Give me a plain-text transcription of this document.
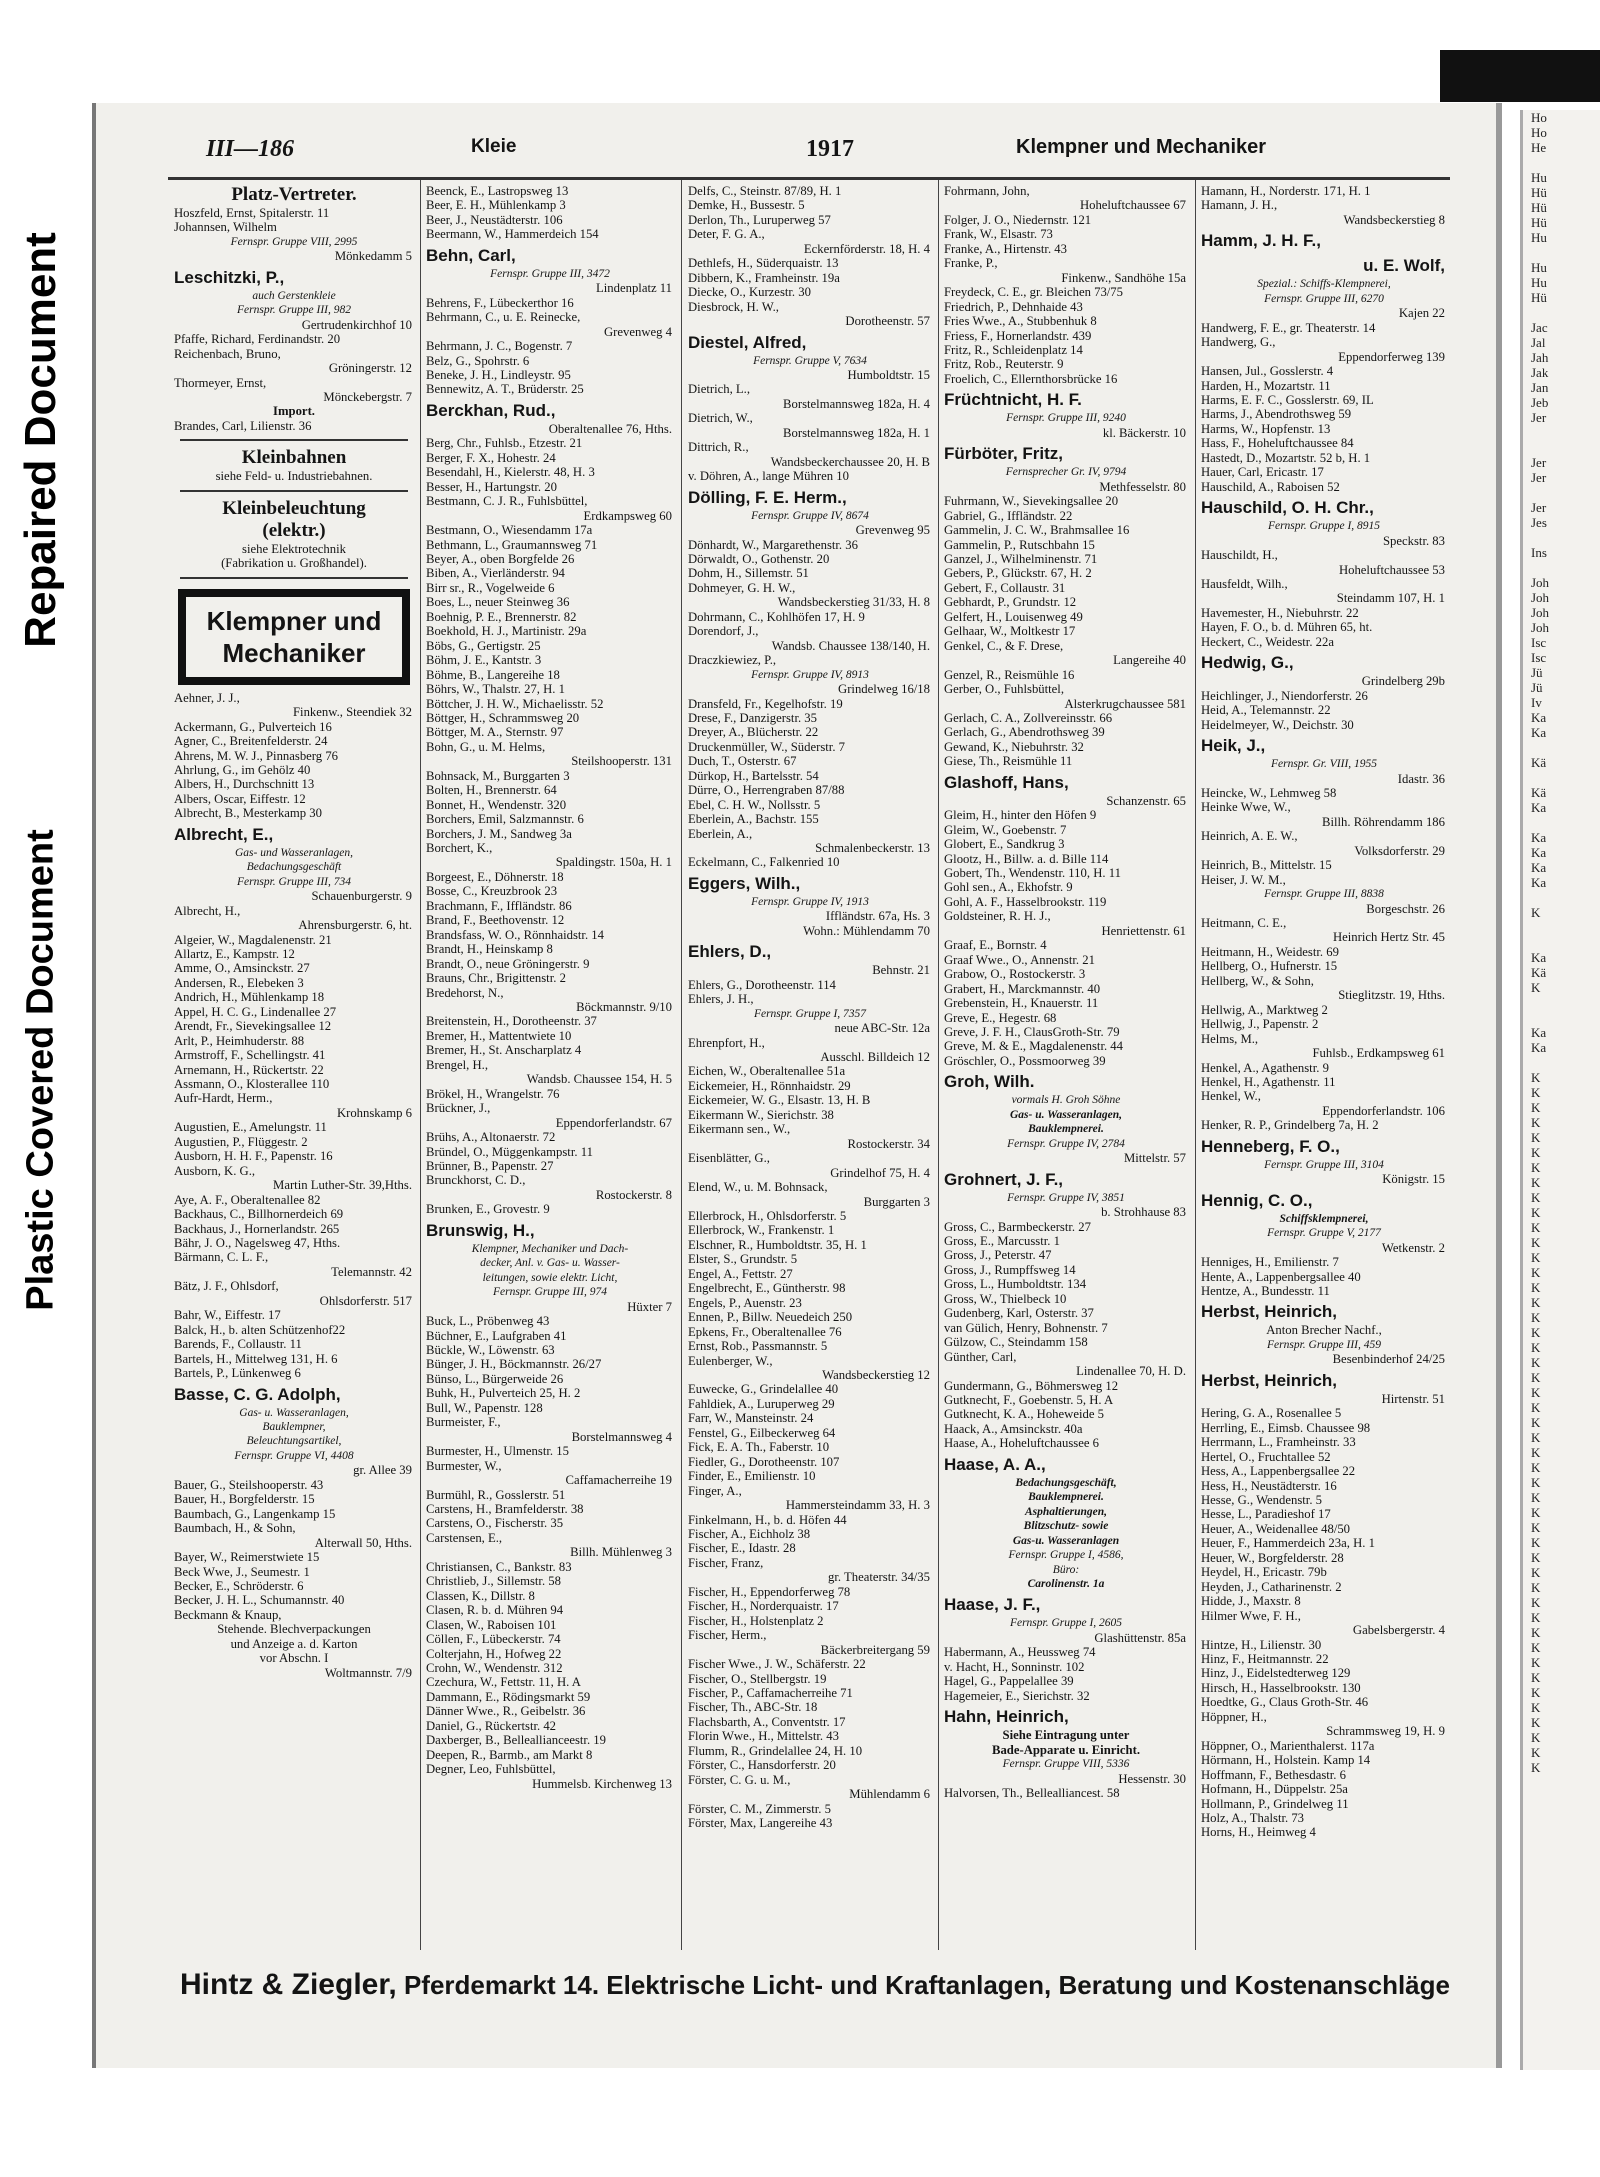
Repaired Document
Plastic Covered Document
Ho
Ho
He
Hu
Hü
Hü
Hü
Hu
Hu
Hu
Hü
Jac
Jal
Jah
Jak
Jan
Jeb
Jer
Jer
Jer
Jer
Jes
Ins
Joh
Joh
Joh
Joh
Isc
Isc
Jü
Jü
Iv
Ka
Ka
Kä
Kä
Ka
Ka
Ka
Ka
Ka
K
Ka
Kä
K
Ka
Ka
K
K
K
K
K
K
K
K
K
K
K
K
K
K
K
K
K
K
K
K
K
K
K
K
K
K
K
K
K
K
K
K
K
K
K
K
K
K
K
K
K
K
K
K
K
K
K
III—186	Kleie	1917	Klempner und Mechaniker
Platz-Vertreter.
Hoszfeld, Ernst, Spitalerstr. 11
Johannsen, Wilhelm
Fernspr. Gruppe VIII, 2995
Mönkedamm 5
Leschitzki, P.,
auch Gerstenkleie
Fernspr. Gruppe III, 982
Gertrudenkirchhof 10
Pfaffe, Richard, Ferdinandstr. 20
Reichenbach, Bruno,
Gröningerstr. 12
Thormeyer, Ernst,
Mönckebergstr. 7
Import.
Brandes, Carl, Lilienstr. 36
Kleinbahnen
siehe Feld- u. Industriebahnen.
Kleinbeleuchtung
(elektr.)
siehe Elektrotechnik
(Fabrikation u. Großhandel).
Klempner und
Mechaniker
Aehner, J. J.,
Finkenw., Steendiek 32
Ackermann, G., Pulverteich 16
Agner, C., Breitenfelderstr. 24
Ahrens, M. W. J., Pinnasberg 76
Ahrlung, G., im Gehölz 40
Albers, H., Durchschnitt 13
Albers, Oscar, Eiffestr. 12
Albrecht, B., Mesterkamp 30
Albrecht, E.,
Gas- und Wasseranlagen,
Bedachungsgeschäft
Fernspr. Gruppe III, 734
Schauenburgerstr. 9
Albrecht, H.,
Ahrensburgerstr. 6, ht.
Algeier, W., Magdalenenstr. 21
Allartz, E., Kampstr. 12
Amme, O., Amsinckstr. 27
Andersen, R., Elebeken 3
Andrich, H., Mühlenkamp 18
Appel, H. C. G., Lindenallee 27
Arendt, Fr., Sievekingsallee 12
Arlt, P., Heimhuderstr. 88
Armstroff, F., Schellingstr. 41
Arnemann, H., Rückertstr. 22
Assmann, O., Klosterallee 110
Aufr-Hardt, Herm.,
Krohnskamp 6
Augustien, E., Amelungstr. 11
Augustien, P., Flüggestr. 2
Ausborn, H. H. F., Papenstr. 16
Ausborn, K. G.,
Martin Luther-Str. 39,Hths.
Aye, A. F., Oberaltenallee 82
Backhaus, C., Billhornerdeich 69
Backhaus, J., Hornerlandstr. 265
Bähr, J. O., Nagelsweg 47, Hths.
Bärmann, C. L. F.,
Telemannstr. 42
Bätz, J. F., Ohlsdorf,
Ohlsdorferstr. 517
Bahr, W., Eiffestr. 17
Balck, H., b. alten Schützenhof22
Barends, F., Collaustr. 11
Bartels, H., Mittelweg 131, H. 6
Bartels, P., Lünkenweg 6
Basse, C. G. Adolph,
Gas- u. Wasseranlagen,
Bauklempner,
Beleuchtungsartikel,
Fernspr. Gruppe VI, 4408
gr. Allee 39
Bauer, G., Steilshooperstr. 43
Bauer, H., Borgfelderstr. 15
Baumbach, G., Langenkamp 15
Baumbach, H., & Sohn,
Alterwall 50, Hths.
Bayer, W., Reimerstwiete 15
Beck Wwe, J., Seumestr. 1
Becker, E., Schröderstr. 6
Becker, J. H. L., Schumannstr. 40
Beckmann & Knaup,
Stehende. Blechverpackungen
und Anzeige a. d. Karton
vor Abschn. I
Woltmannstr. 7/9
Beenck, E., Lastropsweg 13
Beer, E. H., Mühlenkamp 3
Beer, J., Neustädterstr. 106
Beermann, W., Hammerdeich 154
Behn, Carl,
Fernspr. Gruppe III, 3472
Lindenplatz 11
Behrens, F., Lübeckerthor 16
Behrmann, C., u. E. Reinecke,
Grevenweg 4
Behrmann, J. C., Bogenstr. 7
Belz, G., Spohrstr. 6
Beneke, J. H., Lindleystr. 95
Bennewitz, A. T., Brüderstr. 25
Berckhan, Rud.,
Oberaltenallee 76, Hths.
Berg, Chr., Fuhlsb., Etzestr. 21
Berger, F. X., Hohestr. 24
Besendahl, H., Kielerstr. 48, H. 3
Besser, H., Hartungstr. 20
Bestmann, C. J. R., Fuhlsbüttel,
Erdkampsweg 60
Bestmann, O., Wiesendamm 17a
Bethmann, L., Graumannsweg 71
Beyer, A., oben Borgfelde 26
Biben, A., Vierländerstr. 94
Birr sr., R., Vogelweide 6
Boes, L., neuer Steinweg 36
Boehnig, P. E., Brennerstr. 82
Boekhold, H. J., Martinistr. 29a
Böbs, G., Gertigstr. 25
Böhm, J. E., Kantstr. 3
Böhme, B., Langereihe 18
Böhrs, W., Thalstr. 27, H. 1
Böttcher, J. H. W., Michaelisstr. 52
Böttger, H., Schrammsweg 20
Böttger, M. A., Sternstr. 97
Bohn, G., u. M. Helms,
Steilshooperstr. 131
Bohnsack, M., Burggarten 3
Bolten, H., Brennerstr. 64
Bonnet, H., Wendenstr. 320
Borchers, Emil, Salzmannstr. 6
Borchers, J. M., Sandweg 3a
Borchert, K.,
Spaldingstr. 150a, H. 1
Borgeest, E., Döhnerstr. 18
Bosse, C., Kreuzbrook 23
Brachmann, F., Iffländstr. 86
Brand, F., Beethovenstr. 12
Brandsfass, W. O., Rönnhaidstr. 14
Brandt, H., Heinskamp 8
Brandt, O., neue Gröningerstr. 9
Brauns, Chr., Brigittenstr. 2
Bredehorst, N.,
Böckmannstr. 9/10
Breitenstein, H., Dorotheenstr. 37
Bremer, H., Mattentwiete 10
Bremer, H., St. Anscharplatz 4
Brengel, H.,
Wandsb. Chaussee 154, H. 5
Brökel, H., Wrangelstr. 76
Brückner, J.,
Eppendorferlandstr. 67
Brühs, A., Altonaerstr. 72
Bründel, O., Müggenkampstr. 11
Brünner, B., Papenstr. 27
Brunckhorst, C. D.,
Rostockerstr. 8
Brunken, E., Grovestr. 9
Brunswig, H.,
Klempner, Mechaniker und Dach-
decker, Anl. v. Gas- u. Wasser-
leitungen, sowie elektr. Licht,
Fernspr. Gruppe III, 974
Hüxter 7
Buck, L., Pröbenweg 43
Büchner, E., Laufgraben 41
Bückle, W., Löwenstr. 63
Bünger, J. H., Böckmannstr. 26/27
Bünso, L., Bürgerweide 26
Buhk, H., Pulverteich 25, H. 2
Bull, W., Papenstr. 128
Burmeister, F.,
Borstelmannsweg 4
Burmester, H., Ulmenstr. 15
Burmester, W.,
Caffamacherreihe 19
Burmühl, R., Gosslerstr. 51
Carstens, H., Bramfelderstr. 38
Carstens, O., Fischerstr. 35
Carstensen, E.,
Billh. Mühlenweg 3
Christiansen, C., Bankstr. 83
Christlieb, J., Sillemstr. 58
Classen, K., Dillstr. 8
Clasen, R. b. d. Mühren 94
Clasen, W., Raboisen 101
Cöllen, F., Lübeckerstr. 74
Colterjahn, H., Hofweg 22
Crohn, W., Wendenstr. 312
Czechura, W., Fettstr. 11, H. A
Dammann, E., Rödingsmarkt 59
Dänner Wwe., R., Geibelstr. 36
Daniel, G., Rückertstr. 42
Daxberger, B., Belleallianceestr. 19
Deepen, R., Barmb., am Markt 8
Degner, Leo, Fuhlsbüttel,
Hummelsb. Kirchenweg 13
Delfs, C., Steinstr. 87/89, H. 1
Demke, H., Bussestr. 5
Derlon, Th., Luruperweg 57
Deter, F. G. A.,
Eckernförderstr. 18, H. 4
Dethlefs, H., Süderquaistr. 13
Dibbern, K., Framheinstr. 19a
Diecke, O., Kurzestr. 30
Diesbrock, H. W.,
Dorotheenstr. 57
Diestel, Alfred,
Fernspr. Gruppe V, 7634
Humboldtstr. 15
Dietrich, L.,
Borstelmannsweg 182a, H. 4
Dietrich, W.,
Borstelmannsweg 182a, H. 1
Dittrich, R.,
Wandsbeckerchaussee 20, H. B
v. Döhren, A., lange Mühren 10
Dölling, F. E. Herm.,
Fernspr. Gruppe IV, 8674
Grevenweg 95
Dönhardt, W., Margarethenstr. 36
Dörwaldt, O., Gothenstr. 20
Dohm, H., Sillemstr. 51
Dohmeyer, G. H. W.,
Wandsbeckerstieg 31/33, H. 8
Dohrmann, C., Kohlhöfen 17, H. 9
Dorendorf, J.,
Wandsb. Chaussee 138/140, H.
Draczkiewiez, P.,
Fernspr. Gruppe IV, 8913
Grindelweg 16/18
Dransfeld, Fr., Kegelhofstr. 19
Drese, F., Danzigerstr. 35
Dreyer, A., Blücherstr. 22
Druckenmüller, W., Süderstr. 7
Duch, T., Osterstr. 67
Dürkop, H., Bartelsstr. 54
Dürre, O., Herrengraben 87/88
Ebel, C. H. W., Nollsstr. 5
Eberlein, A., Bachstr. 155
Eberlein, A.,
Schmalenbeckerstr. 13
Eckelmann, C., Falkenried 10
Eggers, Wilh.,
Fernspr. Gruppe IV, 1913
Iffländstr. 67a, Hs. 3
Wohn.: Mühlendamm 70
Ehlers, D.,
Behnstr. 21
Ehlers, G., Dorotheenstr. 114
Ehlers, J. H.,
Fernspr. Gruppe I, 7357
neue ABC-Str. 12a
Ehrenpfort, H.,
Ausschl. Billdeich 12
Eichen, W., Oberaltenallee 51a
Eickemeier, H., Rönnhaidstr. 29
Eickemeier, W. G., Elsastr. 13, H. B
Eikermann W., Sierichstr. 38
Eikermann sen., W.,
Rostockerstr. 34
Eisenblätter, G.,
Grindelhof 75, H. 4
Elend, W., u. M. Bohnsack,
Burggarten 3
Ellerbrock, H., Ohlsdorferstr. 5
Ellerbrock, W., Frankenstr. 1
Elschner, R., Humboldtstr. 35, H. 1
Elster, S., Grundstr. 5
Engel, A., Fettstr. 27
Engelbrecht, E., Güntherstr. 98
Engels, P., Auenstr. 23
Ennen, P., Billw. Neuedeich 250
Epkens, Fr., Oberaltenallee 76
Ernst, Rob., Passmannstr. 5
Eulenberger, W.,
Wandsbeckerstieg 12
Euwecke, G., Grindelallee 40
Fahldiek, A., Luruperweg 29
Farr, W., Mansteinstr. 24
Fenstel, G., Eilbeckerweg 64
Fick, E. A. Th., Faberstr. 10
Fiedler, G., Dorotheenstr. 107
Finder, E., Emilienstr. 10
Finger, A.,
Hammersteindamm 33, H. 3
Finkelmann, H., b. d. Höfen 44
Fischer, A., Eichholz 38
Fischer, E., Idastr. 28
Fischer, Franz,
gr. Theaterstr. 34/35
Fischer, H., Eppendorferweg 78
Fischer, H., Norderquaistr. 17
Fischer, H., Holstenplatz 2
Fischer, Herm.,
Bäckerbreitergang 59
Fischer Wwe., J. W., Schäferstr. 22
Fischer, O., Stellbergstr. 19
Fischer, P., Caffamacherreihe 71
Fischer, Th., ABC-Str. 18
Flachsbarth, A., Conventstr. 17
Florin Wwe., H., Mittelstr. 43
Flumm, R., Grindelallee 24, H. 10
Förster, C., Hansdorferstr. 20
Förster, C. G. u. M.,
Mühlendamm 6
Förster, C. M., Zimmerstr. 5
Förster, Max, Langereihe 43
Fohrmann, John,
Hoheluftchaussee 67
Folger, J. O., Niedernstr. 121
Frank, W., Elsastr. 73
Franke, A., Hirtenstr. 43
Franke, P.,
Finkenw., Sandhöhe 15a
Freydeck, C. E., gr. Bleichen 73/75
Friedrich, P., Dehnhaide 43
Fries Wwe., A., Stubbenhuk 8
Friess, F., Hornerlandstr. 439
Fritz, R., Schleidenplatz 14
Fritz, Rob., Reuterstr. 9
Froelich, C., Ellernthorsbrücke 16
Früchtnicht, H. F.
Fernspr. Gruppe III, 9240
kl. Bäckerstr. 10
Fürböter, Fritz,
Fernsprecher Gr. IV, 9794
Methfesselstr. 80
Fuhrmann, W., Sievekingsallee 20
Gabriel, G., Iffländstr. 22
Gammelin, J. C. W., Brahmsallee 16
Gammelin, P., Rutschbahn 15
Ganzel, J., Wilhelminenstr. 71
Gebers, P., Glückstr. 67, H. 2
Gebert, F., Collaustr. 31
Gebhardt, P., Grundstr. 12
Gelfert, H., Louisenweg 49
Gelhaar, W., Moltkestr 17
Genkel, C., & F. Drese,
Langereihe 40
Genzel, R., Reismühle 16
Gerber, O., Fuhlsbüttel,
Alsterkrugchaussee 581
Gerlach, C. A., Zollvereinsstr. 66
Gerlach, G., Abendrothsweg 39
Gewand, K., Niebuhrstr. 32
Giese, Th., Reismühle 11
Glashoff, Hans,
Schanzenstr. 65
Gleim, H., hinter den Höfen 9
Gleim, W., Goebenstr. 7
Globert, E., Sandkrug 3
Glootz, H., Billw. a. d. Bille 114
Gobert, Th., Wendenstr. 110, H. 11
Gohl sen., A., Ekhofstr. 9
Gohl, A. F., Hasselbrookstr. 119
Goldsteiner, R. H. J.,
Henriettenstr. 61
Graaf, E., Bornstr. 4
Graaf Wwe., O., Annenstr. 21
Grabow, O., Rostockerstr. 3
Grabert, H., Marckmannstr. 40
Grebenstein, H., Knauerstr. 11
Greve, E., Hegestr. 68
Greve, J. F. H., ClausGroth-Str. 79
Greve, M. & E., Magdalenenstr. 44
Gröschler, O., Possmoorweg 39
Groh, Wilh.
vormals H. Groh Söhne
Gas- u. Wasseranlagen,
Bauklempnerei.
Fernspr. Gruppe IV, 2784
Mittelstr. 57
Grohnert, J. F.,
Fernspr. Gruppe IV, 3851
b. Strohhause 83
Gross, C., Barmbeckerstr. 27
Gross, E., Marcusstr. 1
Gross, J., Peterstr. 47
Gross, J., Rumpffsweg 14
Gross, L., Humboldtstr. 134
Gross, W., Thielbeck 10
Gudenberg, Karl, Osterstr. 37
van Gülich, Henry, Bohnenstr. 7
Gülzow, C., Steindamm 158
Günther, Carl,
Lindenallee 70, H. D.
Gundermann, G., Böhmersweg 12
Gutknecht, F., Goebenstr. 5, H. A
Gutknecht, K. A., Hoheweide 5
Haack, A., Amsinckstr. 40a
Haase, A., Hoheluftchaussee 6
Haase, A. A.,
Bedachungsgeschäft,
Bauklempnerei.
Asphaltierungen,
Blitzschutz- sowie
Gas-u. Wasseranlagen
Fernspr. Gruppe I, 4586,
Büro:
Carolinenstr. 1a
Haase, J. F.,
Fernspr. Gruppe I, 2605
Glashüttenstr. 85a
Habermann, A., Heussweg 74
v. Hacht, H., Sonninstr. 102
Hagel, G., Pappelallee 39
Hagemeier, E., Sierichstr. 32
Hahn, Heinrich,
Siehe Eintragung unter
Bade-Apparate u. Einricht.
Fernspr. Gruppe VIII, 5336
Hessenstr. 30
Halvorsen, Th., Bellealliancest. 58
Hamann, H., Norderstr. 171, H. 1
Hamann, J. H.,
Wandsbeckerstieg 8
Hamm, J. H. F.,
u. E. Wolf,
Spezial.: Schiffs-Klempnerei,
Fernspr. Gruppe III, 6270
Kajen 22
Handwerg, F. E., gr. Theaterstr. 14
Handwerg, G.,
Eppendorferweg 139
Hansen, Jul., Gosslerstr. 4
Harden, H., Mozartstr. 11
Harms, E. F. C., Gosslerstr. 69, IL
Harms, J., Abendrothsweg 59
Harms, W., Hopfenstr. 13
Hass, F., Hoheluftchaussee 84
Hastedt, D., Mozartstr. 52 b, H. 1
Hauer, Carl, Ericastr. 17
Hauschild, A., Raboisen 52
Hauschild, O. H. Chr.,
Fernspr. Gruppe I, 8915
Speckstr. 83
Hauschildt, H.,
Hoheluftchaussee 53
Hausfeldt, Wilh.,
Steindamm 107, H. 1
Havemester, H., Niebuhrstr. 22
Hayen, F. O., b. d. Mühren 65, ht.
Heckert, C., Weidestr. 22a
Hedwig, G.,
Grindelberg 29b
Heichlinger, J., Niendorferstr. 26
Heid, A., Telemannstr. 22
Heidelmeyer, W., Deichstr. 30
Heik, J.,
Fernspr. Gr. VIII, 1955
Idastr. 36
Heincke, W., Lehmweg 58
Heinke Wwe, W.,
Billh. Röhrendamm 186
Heinrich, A. E. W.,
Volksdorferstr. 29
Heinrich, B., Mittelstr. 15
Heiser, J. W. M.,
Fernspr. Gruppe III, 8838
Borgeschstr. 26
Heitmann, C. E.,
Heinrich Hertz Str. 45
Heitmann, H., Weidestr. 69
Hellberg, O., Hufnerstr. 15
Hellberg, W., & Sohn,
Stieglitzstr. 19, Hths.
Hellwig, A., Marktweg 2
Hellwig, J., Papenstr. 2
Helms, M.,
Fuhlsb., Erdkampsweg 61
Henkel, A., Agathenstr. 9
Henkel, H., Agathenstr. 11
Henkel, W.,
Eppendorferlandstr. 106
Henker, R. P., Grindelberg 7a, H. 2
Henneberg, F. O.,
Fernspr. Gruppe III, 3104
Königstr. 15
Hennig, C. O.,
Schiffsklempnerei,
Fernspr. Gruppe V, 2177
Wetkenstr. 2
Henniges, H., Emilienstr. 7
Hente, A., Lappenbergsallee 40
Hentze, A., Bundesstr. 11
Herbst, Heinrich,
Anton Brecher Nachf.,
Fernspr. Gruppe III, 459
Besenbinderhof 24/25
Herbst, Heinrich,
Hirtenstr. 51
Hering, G. A., Rosenallee 5
Herrling, E., Eimsb. Chaussee 98
Herrmann, L., Framheinstr. 33
Hertel, O., Fruchtallee 52
Hess, A., Lappenbergsallee 22
Hess, H., Neustädterstr. 16
Hesse, G., Wendenstr. 5
Hesse, L., Paradieshof 17
Heuer, A., Weidenallee 48/50
Heuer, F., Hammerdeich 23a, H. 1
Heuer, W., Borgfelderstr. 28
Heydel, H., Ericastr. 79b
Heyden, J., Catharinenstr. 2
Hidde, J., Maxstr. 8
Hilmer Wwe, F. H.,
Gabelsbergerstr. 4
Hintze, H., Lilienstr. 30
Hinz, F., Heitmannstr. 22
Hinz, J., Eidelstedterweg 129
Hirsch, H., Hasselbrookstr. 130
Hoedtke, G., Claus Groth-Str. 46
Höppner, H.,
Schrammsweg 19, H. 9
Höppner, O., Marienthalerst. 117a
Hörmann, H., Holstein. Kamp 14
Hoffmann, F., Bethesdastr. 6
Hofmann, H., Düppelstr. 25a
Hollmann, P., Grindelweg 11
Holz, A., Thalstr. 73
Horns, H., Heimweg 4
Hintz & Ziegler, Pferdemarkt 14. Elektrische Licht- und Kraftanlagen, Beratung und Kostenanschläge
